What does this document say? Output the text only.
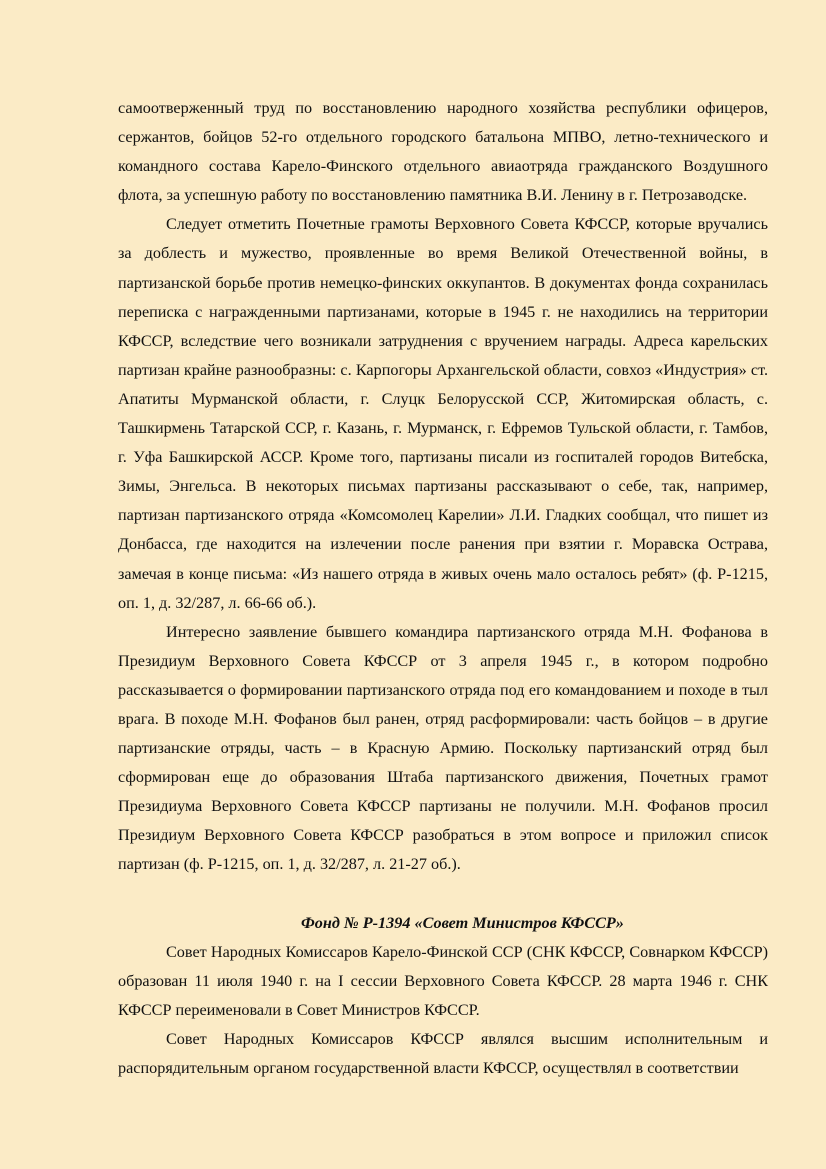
самоотверженный труд по восстановлению народного хозяйства республики офицеров, сержантов, бойцов 52-го отдельного городского батальона МПВО, летно-технического и командного состава Карело-Финского отдельного авиаотряда гражданского Воздушного флота, за успешную работу по восстановлению памятника В.И. Ленину в г. Петрозаводске.

Следует отметить Почетные грамоты Верховного Совета КФССР, которые вручались за доблесть и мужество, проявленные во время Великой Отечественной войны, в партизанской борьбе против немецко-финских оккупантов. В документах фонда сохранилась переписка с награжденными партизанами, которые в 1945 г. не находились на территории КФССР, вследствие чего возникали затруднения с вручением награды. Адреса карельских партизан крайне разнообразны: с. Карпогоры Архангельской области, совхоз «Индустрия» ст. Апатиты Мурманской области, г. Слуцк Белорусской ССР, Житомирская область, с. Ташкирмень Татарской ССР, г. Казань, г. Мурманск, г. Ефремов Тульской области, г. Тамбов, г. Уфа Башкирской АССР. Кроме того, партизаны писали из госпиталей городов Витебска, Зимы, Энгельса. В некоторых письмах партизаны рассказывают о себе, так, например, партизан партизанского отряда «Комсомолец Карелии» Л.И. Гладких сообщал, что пишет из Донбасса, где находится на излечении после ранения при взятии г. Моравска Острава, замечая в конце письма: «Из нашего отряда в живых очень мало осталось ребят» (ф. Р-1215, оп. 1, д. 32/287, л. 66-66 об.).

Интересно заявление бывшего командира партизанского отряда М.Н. Фофанова в Президиум Верховного Совета КФССР от 3 апреля 1945 г., в котором подробно рассказывается о формировании партизанского отряда под его командованием и походе в тыл врага. В походе М.Н. Фофанов был ранен, отряд расформировали: часть бойцов – в другие партизанские отряды, часть – в Красную Армию. Поскольку партизанский отряд был сформирован еще до образования Штаба партизанского движения, Почетных грамот Президиума Верховного Совета КФССР партизаны не получили. М.Н. Фофанов просил Президиум Верховного Совета КФССР разобраться в этом вопросе и приложил список партизан (ф. Р-1215, оп. 1, д. 32/287, л. 21-27 об.).

Фонд № Р-1394 «Совет Министров КФССР»

Совет Народных Комиссаров Карело-Финской ССР (СНК КФССР, Совнарком КФССР) образован 11 июля 1940 г. на I сессии Верховного Совета КФССР. 28 марта 1946 г. СНК КФССР переименовали в Совет Министров КФССР.

Совет Народных Комиссаров КФССР являлся высшим исполнительным и распорядительным органом государственной власти КФССР, осуществлял в соответствии
